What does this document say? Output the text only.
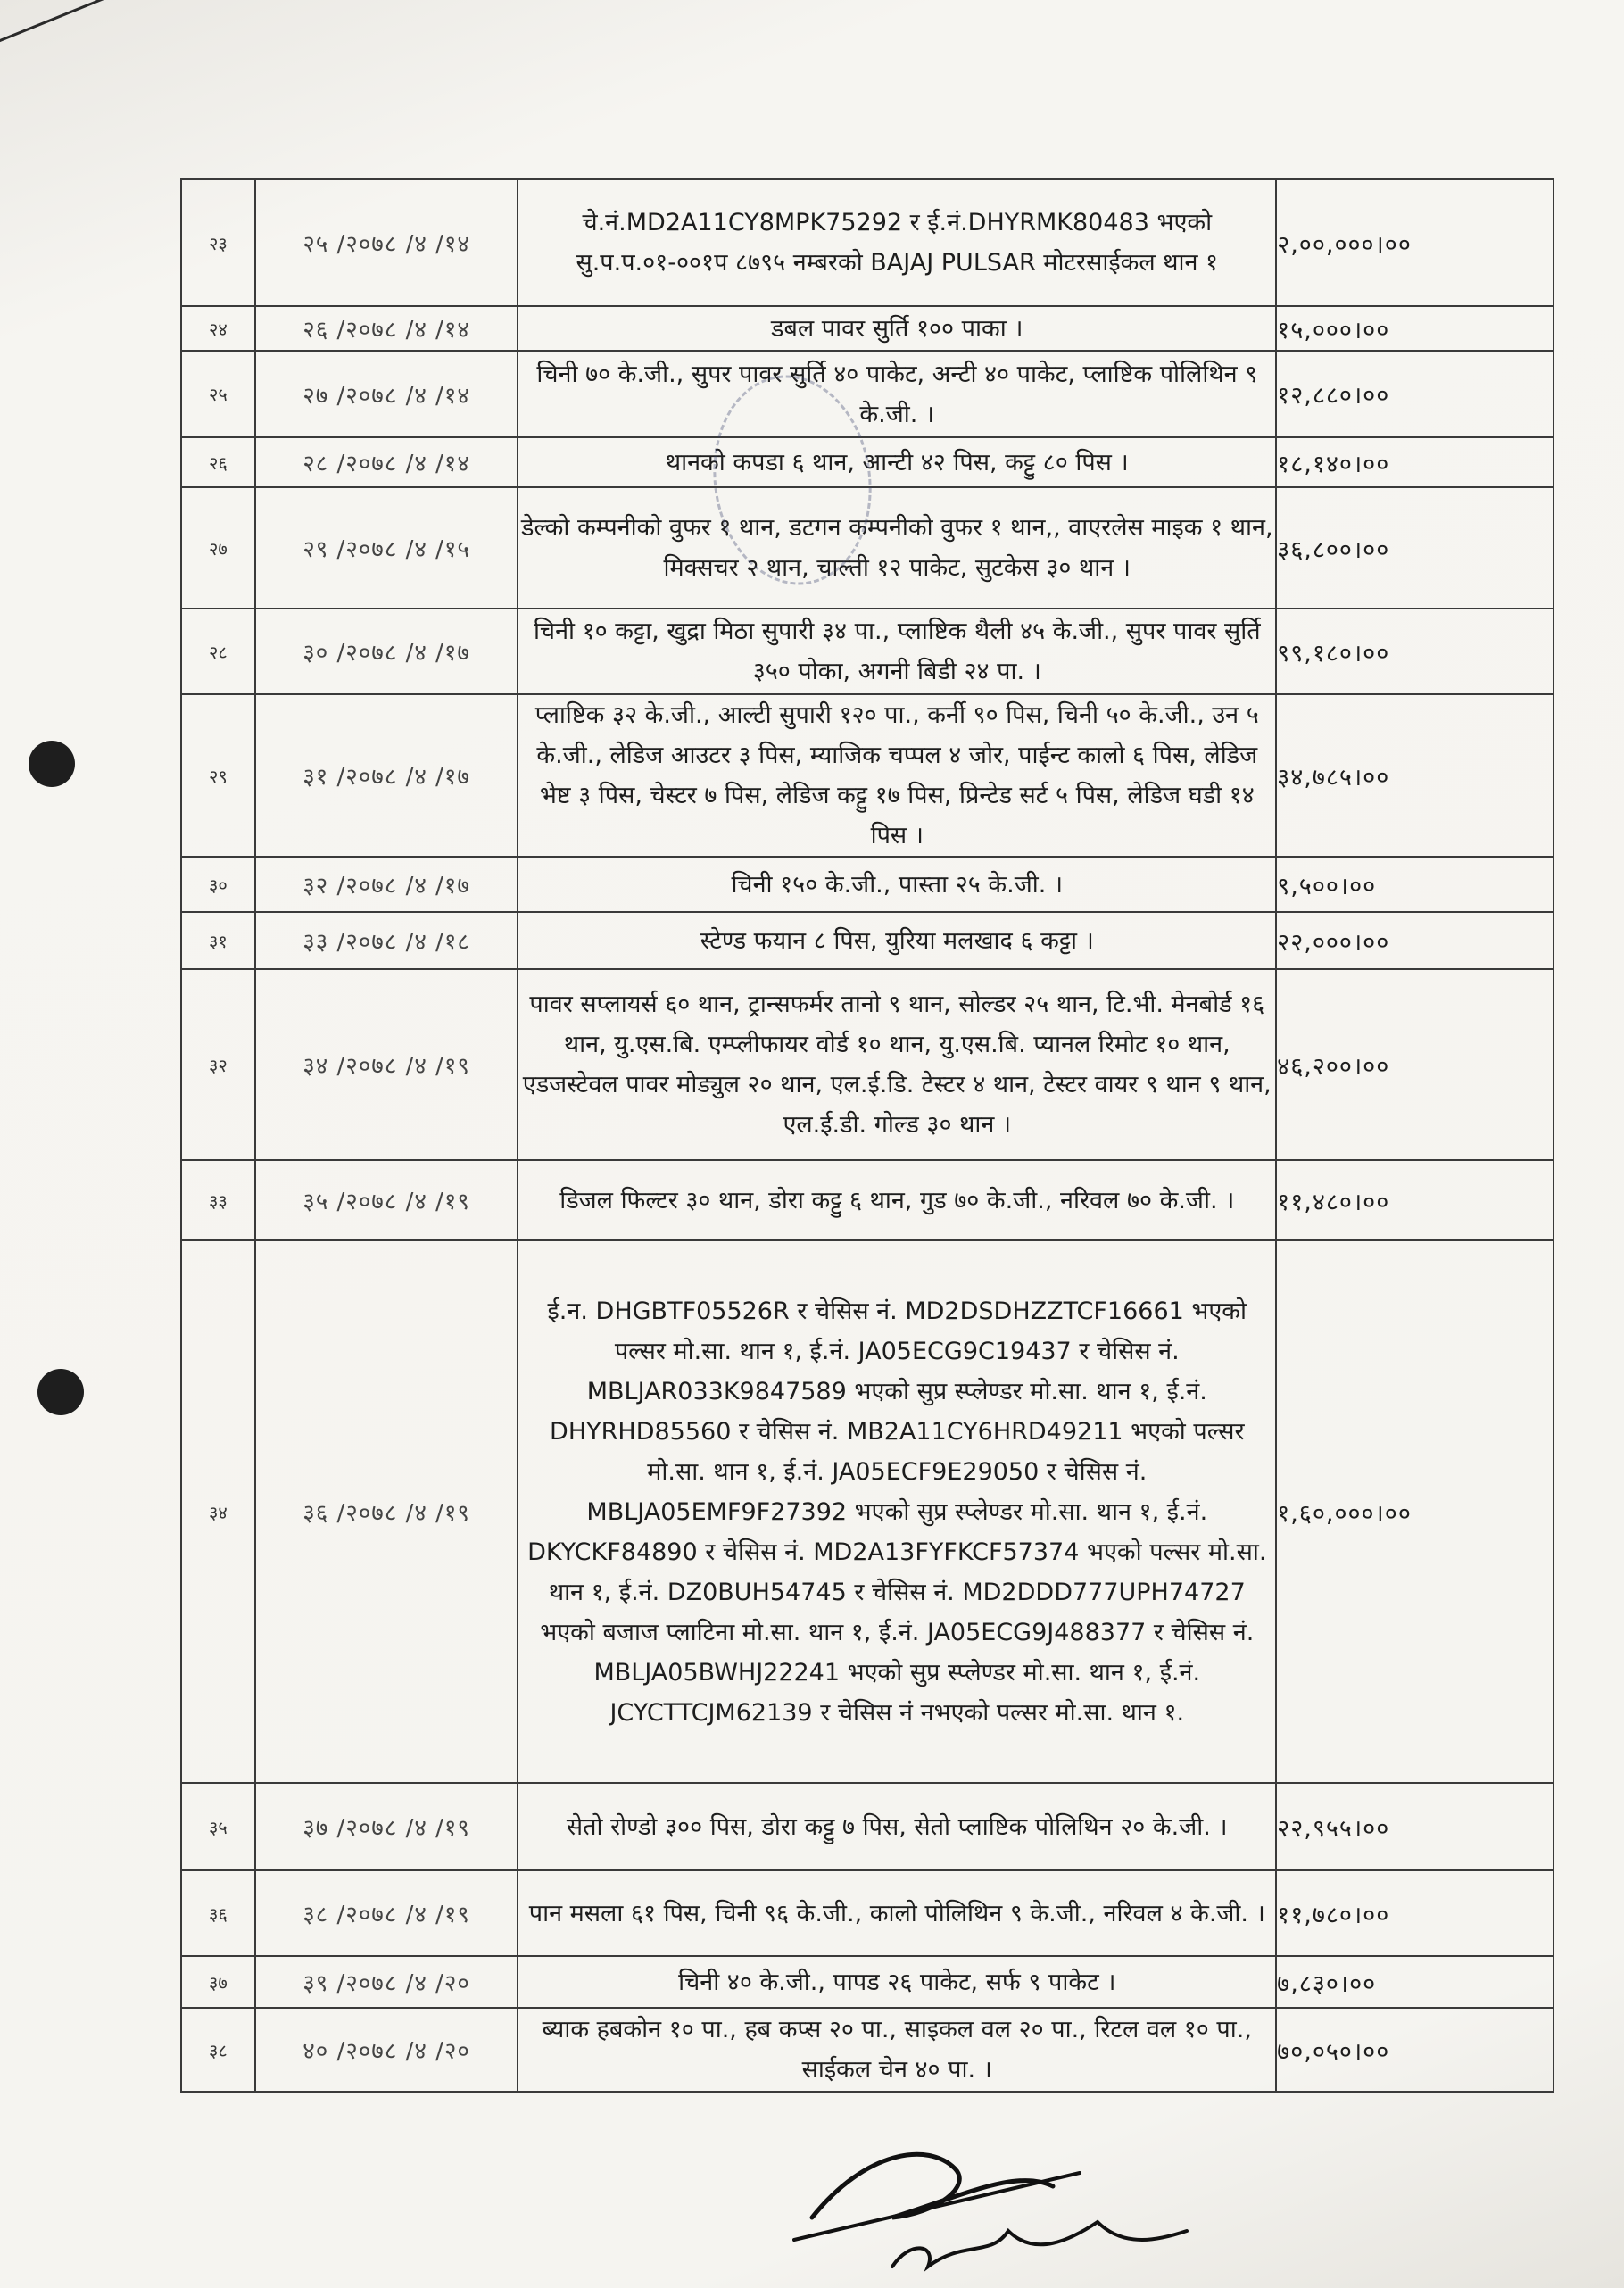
२३	२५ /२०७८ /४ /१४	चे.नं.MD2A11CY8MPK75292 र ई.नं.DHYRMK80483 भएको सु.प.प.०१-००१प ८७९५ नम्बरको BAJAJ PULSAR मोटरसाईकल थान १	२,००,०००।००
२४	२६ /२०७८ /४ /१४	डबल पावर सुर्ति १०० पाका ।	१५,०००।००
२५	२७ /२०७८ /४ /१४	चिनी ७० के.जी., सुपर पावर सुर्ति ४० पाकेट, अन्टी ४० पाकेट, प्लाष्टिक पोलिथिन ९ के.जी. ।	१२,८८०।००
२६	२८ /२०७८ /४ /१४	थानको कपडा ६ थान, आन्टी ४२ पिस, कट्टु ८० पिस ।	१८,१४०।००
२७	२९ /२०७८ /४ /१५	डेल्को कम्पनीको वुफर १ थान, डटगन कम्पनीको वुफर १ थान,, वाएरलेस माइक १ थान, मिक्सचर २ थान, चाल्ती १२ पाकेट, सुटकेस ३० थान ।	३६,८००।००
२८	३० /२०७८ /४ /१७	चिनी १० कट्टा, खुद्रा मिठा सुपारी ३४ पा., प्लाष्टिक थैली ४५ के.जी., सुपर पावर सुर्ति ३५० पोका, अगनी बिडी २४ पा. ।	९९,१८०।००
२९	३१ /२०७८ /४ /१७	प्लाष्टिक ३२ के.जी., आल्टी सुपारी १२० पा., कर्नी ९० पिस, चिनी ५० के.जी., उन ५ के.जी., लेडिज आउटर ३ पिस, म्याजिक चप्पल ४ जोर, पाईन्ट कालो ६ पिस, लेडिज भेष्ट ३ पिस, चेस्टर ७ पिस, लेडिज कट्टु १७ पिस, प्रिन्टेड सर्ट ५ पिस, लेडिज घडी १४ पिस ।	३४,७८५।००
३०	३२ /२०७८ /४ /१७	चिनी १५० के.जी., पास्ता २५ के.जी. ।	९,५००।००
३१	३३ /२०७८ /४ /१८	स्टेण्ड फयान ८ पिस, युरिया मलखाद ६ कट्टा ।	२२,०००।००
३२	३४ /२०७८ /४ /१९	पावर सप्लायर्स ६० थान, ट्रान्सफर्मर तानो ९ थान, सोल्डर २५ थान, टि.भी. मेनबोर्ड १६ थान, यु.एस.बि. एम्प्लीफायर वोर्ड १० थान, यु.एस.बि. प्यानल रिमोट १० थान, एडजस्टेवल पावर मोड्युल २० थान, एल.ई.डि. टेस्टर ४ थान, टेस्टर वायर ९ थान ९ थान, एल.ई.डी. गोल्ड ३० थान ।	४६,२००।००
३३	३५ /२०७८ /४ /१९	डिजल फिल्टर ३० थान, डोरा कट्टु ६ थान, गुड ७० के.जी., नरिवल ७० के.जी. ।	११,४८०।००
३४	३६ /२०७८ /४ /१९	ई.न. DHGBTF05526R र चेसिस नं. MD2DSDHZZTCF16661 भएको पल्सर मो.सा. थान १, ई.नं. JA05ECG9C19437 र चेसिस नं. MBLJAR033K9847589 भएको सुप्र स्प्लेण्डर मो.सा. थान १, ई.नं. DHYRHD85560 र चेसिस नं. MB2A11CY6HRD49211 भएको पल्सर मो.सा. थान १, ई.नं. JA05ECF9E29050 र चेसिस नं. MBLJA05EMF9F27392 भएको सुप्र स्प्लेण्डर मो.सा. थान १, ई.नं. DKYCKF84890 र चेसिस नं. MD2A13FYFKCF57374 भएको पल्सर मो.सा. थान १, ई.नं. DZ0BUH54745 र चेसिस नं. MD2DDD777UPH74727 भएको बजाज प्लाटिना मो.सा. थान १, ई.नं. JA05ECG9J488377 र चेसिस नं. MBLJA05BWHJ22241 भएको सुप्र स्प्लेण्डर मो.सा. थान १, ई.नं. JCYCTTCJM62139 र चेसिस नं नभएको पल्सर मो.सा. थान १.	१,६०,०००।००
३५	३७ /२०७८ /४ /१९	सेतो रोण्डो ३०० पिस, डोरा कट्टु ७ पिस, सेतो प्लाष्टिक पोलिथिन २० के.जी. ।	२२,९५५।००
३६	३८ /२०७८ /४ /१९	पान मसला ६१ पिस, चिनी ९६ के.जी., कालो पोलिथिन ९ के.जी., नरिवल ४ के.जी. ।	११,७८०।००
३७	३९ /२०७८ /४ /२०	चिनी ४० के.जी., पापड २६ पाकेट, सर्फ ९ पाकेट ।	७,८३०।००
३८	४० /२०७८ /४ /२०	ब्याक हबकोन १० पा., हब कप्स २० पा., साइकल वल २० पा., रिटल वल १० पा., साईकल चेन ४० पा. ।	७०,०५०।००
